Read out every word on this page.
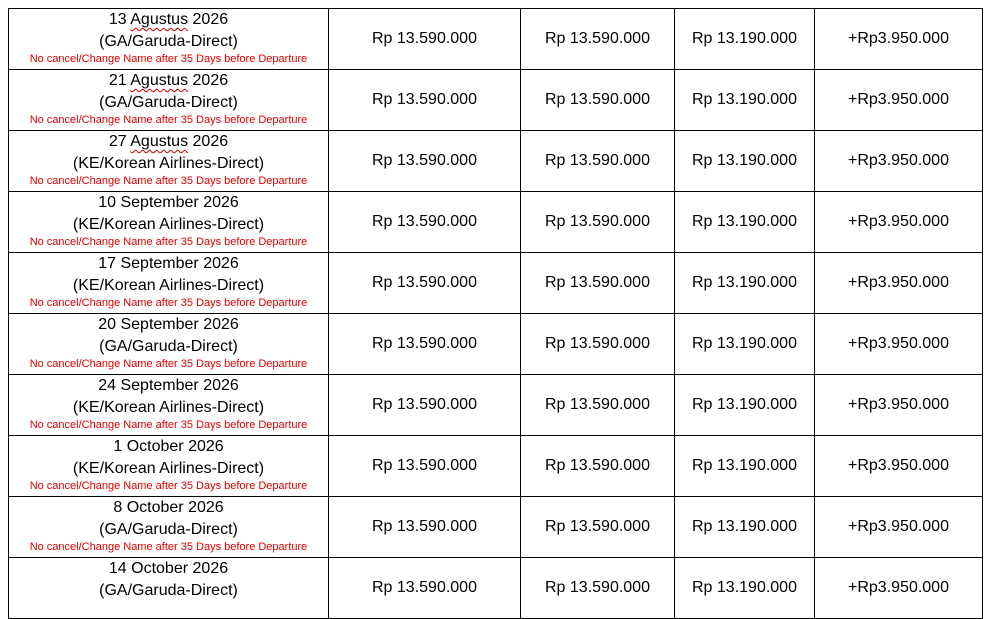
13 Agustus 2026
(GA/Garuda-Direct)
No cancel/Change Name after 35 Days before Departure
Rp 13.590.000	Rp 13.590.000	Rp 13.190.000	+Rp3.950.000
21 Agustus 2026
(GA/Garuda-Direct)
No cancel/Change Name after 35 Days before Departure
Rp 13.590.000	Rp 13.590.000	Rp 13.190.000	+Rp3.950.000
27 Agustus 2026
(KE/Korean Airlines-Direct)
No cancel/Change Name after 35 Days before Departure
Rp 13.590.000	Rp 13.590.000	Rp 13.190.000	+Rp3.950.000
10 September 2026
(KE/Korean Airlines-Direct)
No cancel/Change Name after 35 Days before Departure
Rp 13.590.000	Rp 13.590.000	Rp 13.190.000	+Rp3.950.000
17 September 2026
(KE/Korean Airlines-Direct)
No cancel/Change Name after 35 Days before Departure
Rp 13.590.000	Rp 13.590.000	Rp 13.190.000	+Rp3.950.000
20 September 2026
(GA/Garuda-Direct)
No cancel/Change Name after 35 Days before Departure
Rp 13.590.000	Rp 13.590.000	Rp 13.190.000	+Rp3.950.000
24 September 2026
(KE/Korean Airlines-Direct)
No cancel/Change Name after 35 Days before Departure
Rp 13.590.000	Rp 13.590.000	Rp 13.190.000	+Rp3.950.000
1 October 2026
(KE/Korean Airlines-Direct)
No cancel/Change Name after 35 Days before Departure
Rp 13.590.000	Rp 13.590.000	Rp 13.190.000	+Rp3.950.000
8 October 2026
(GA/Garuda-Direct)
No cancel/Change Name after 35 Days before Departure
Rp 13.590.000	Rp 13.590.000	Rp 13.190.000	+Rp3.950.000
14 October 2026
(GA/Garuda-Direct)	Rp 13.590.000	Rp 13.590.000	Rp 13.190.000	+Rp3.950.000
